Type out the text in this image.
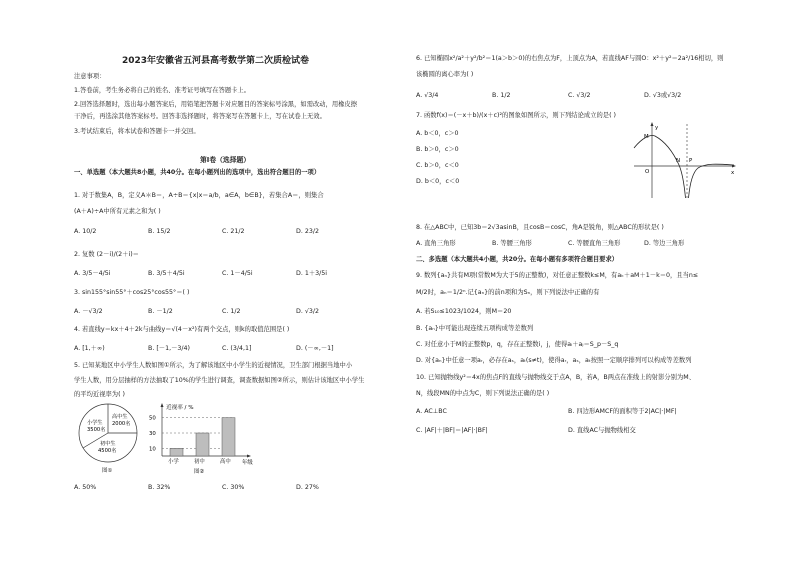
2023年安徽省五河县高考数学第二次质检试卷
注意事项：
1.答卷前，考生务必将自己的姓名、准考证号填写在答题卡上。
2.回答选择题时，选出每小题答案后，用铅笔把答题卡对应题目的答案标号涂黑，如需改动，用橡皮擦
干净后，再选涂其他答案标号。回答非选择题时，将答案写在答题卡上，写在试卷上无效。
3.考试结束后，将本试卷和答题卡一并交回。
第I卷（选择题）
一、单选题（本大题共8小题，共40分。在每小题列出的选项中，选出符合题目的一项）
1. 对于数集A，B，定义A＊B＝，A÷B＝{x|x＝a/b，a∈A，b∈B}，若集合A＝，则集合
(A＋A)÷A中所有元素之和为( )
A. 10/2	B. 15/2	C. 21/2	D. 23/2
2. 复数 (2－i)/(2＋i)＝
A. 3/5－4/5i	B. 3/5＋4/5i	C. 1－4/5i	D. 1＋3/5i
3. sin155°sin55°＋cos25°cos55°＝( )
A. －√3/2	B. －1/2	C. 1/2	D. √3/2
4. 若直线y＝kx＋4＋2k与曲线y＝√(4－x²)有两个交点，则k的取值范围是( )
A. [1,＋∞)	B. [－1,－3/4)	C. (3/4,1]	D. (－∞,－1]
5. 已知某地区中小学生人数如图①所示，为了解该地区中小学生的近视情况，卫生部门根据当地中小
学生人数，用分层抽样的方法抽取了10%的学生进行调查，调查数据如图②所示，则估计该地区中小学生
的平均近视率为( )
小学生
3500名
高中生
2000名
初中生
4500名
图①
近视率 / %
年级
图②
50
30
10
小学	初中	高中
A. 50%	B. 32%	C. 30%	D. 27%
6. 已知椭圆x²/a²＋y²/b²＝1(a＞b＞0)的右焦点为F，上顶点为A，若直线AF与圆O：x²＋y²＝2a²/16相切，则
该椭圆的离心率为( )
A. √3/4	B. 1/2	C. √3/2	D. √3或√3/2
7. 函数f(x)＝(－x＋b)/(x＋c)²的图象如图所示，则下列结论成立的是( )
A. b＜0，c＞0
B. b＞0，c＞0
C. b＞0，c＜0
D. b＜0，c＜0
y
x
O
M
N P
8. 在△ABC中，已知3b＝2√3asinB，且cosB＝cosC，角A是锐角，则△ABC的形状是( )
A. 直角三角形	B. 等腰三角形	C. 等腰直角三角形	D. 等边三角形
二、多选题（本大题共4小题，共20分。在每小题有多项符合题目要求）
9. 数列{aₙ}共有M项(常数M为大于5的正整数)，对任意正整数k≤M，有aₖ＋aM＋1－k＝0，且当n≤
M/2时，aₙ＝1/2ⁿ.记{aₙ}的前n项和为Sₙ，则下列说法中正确的有
A. 若S₁₀≤1023/1024，则M＝20
B. {aₙ}中可能出现连续五项构成等差数列
C. 对任意小于M的正整数p，q，存在正整数i，j，使得aᵢ＋aⱼ＝S_p－S_q
D. 对{aₙ}中任意一项aᵣ，必存在aₛ，aₜ(s≠t)，使得aᵣ，aₛ，aₜ按照一定顺序排列可以构成等差数列
10. 已知抛物线y²＝4x的焦点F的直线与抛物线交于点A，B，若A，B两点在准线上的射影分别为M、
N，线段MN的中点为C，则下列说法正确的是( )
A. AC⊥BC	B. 四边形AMCF的面积等于2|AC|·|MF|
C. |AF|＋|BF|＝|AF|·|BF|	D. 直线AC与抛物线相交
